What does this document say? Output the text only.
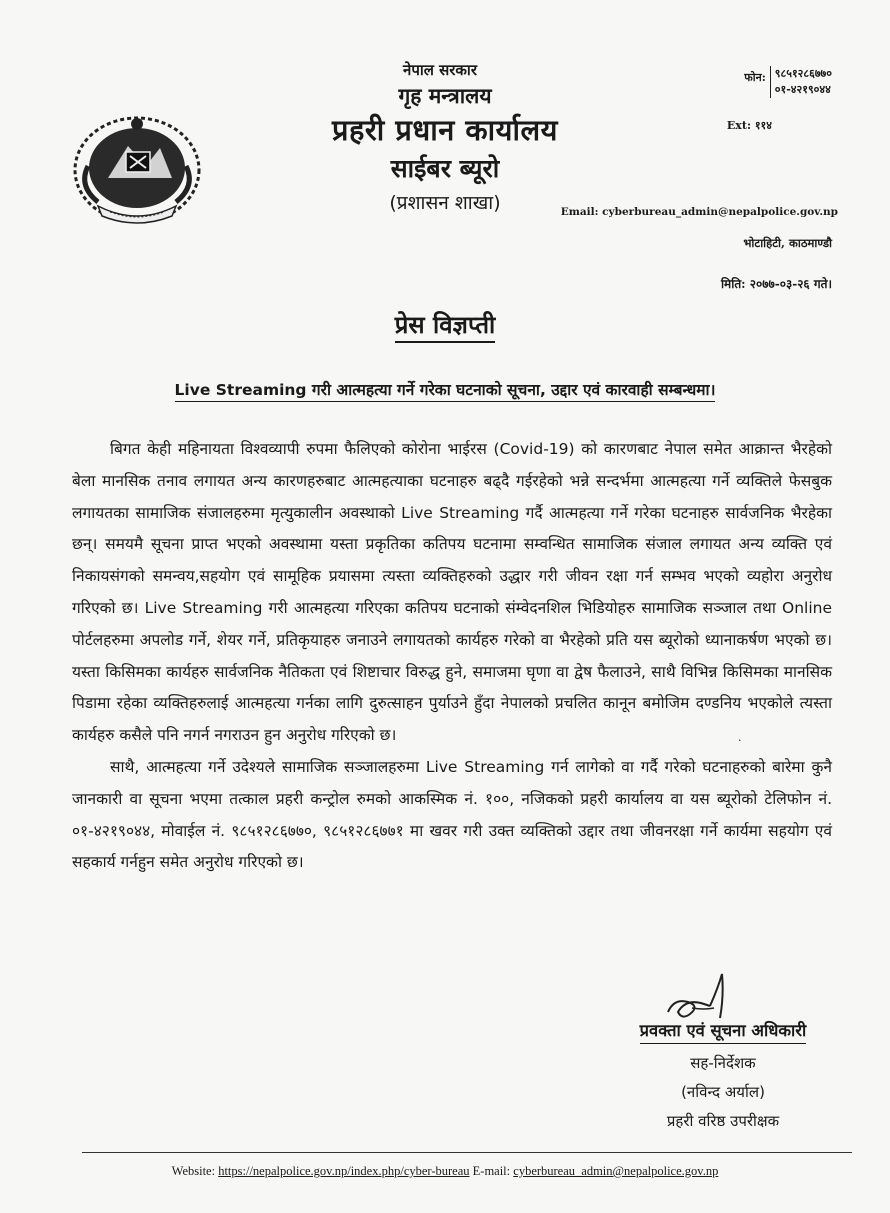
नेपाल सरकार
गृह मन्त्रालय
प्रहरी प्रधान कार्यालय
साईबर ब्यूरो
(प्रशासन शाखा)
फोन: ९८५१२८६७७०
०१-४२१९०४४
Ext: ११४
Email: cyberbureau_admin@nepalpolice.gov.np
भोटाहिटी, काठमाण्डौ
मिति: २०७७-०३-२६ गते।
प्रेस विज्ञप्ती
Live Streaming गरी आत्महत्या गर्ने गरेका घटनाको सूचना, उद्दार एवं कारवाही सम्बन्धमा।

बिगत केही महिनायता विश्वव्यापी रुपमा फैलिएको कोरोना भाईरस (Covid-19) को कारणबाट नेपाल समेत आक्रान्त भैरहेको बेला मानसिक तनाव लगायत अन्य कारणहरुबाट आत्महत्याका घटनाहरु बढ्दै गईरहेको भन्ने सन्दर्भमा आत्महत्या गर्ने व्यक्तिले फेसबुक लगायतका सामाजिक संजालहरुमा मृत्युकालीन अवस्थाको Live Streaming गर्दै आत्महत्या गर्ने गरेका घटनाहरु सार्वजनिक भैरहेका छन्। समयमै सूचना प्राप्त भएको अवस्थामा यस्ता प्रकृतिका कतिपय घटनामा सम्वन्धित सामाजिक संजाल लगायत अन्य व्यक्ति एवं निकायसंगको समन्वय,सहयोग एवं सामूहिक प्रयासमा त्यस्ता व्यक्तिहरुको उद्धार गरी जीवन रक्षा गर्न सम्भव भएको व्यहोरा अनुरोध गरिएको छ। Live Streaming गरी आत्महत्या गरिएका कतिपय घटनाको संम्वेदनशिल भिडियोहरु सामाजिक सञ्जाल तथा Online पोर्टलहरुमा अपलोड गर्ने, शेयर गर्ने, प्रतिकृयाहरु जनाउने लगायतको कार्यहरु गरेको वा भैरहेको प्रति यस ब्यूरोको ध्यानाकर्षण भएको छ। यस्ता किसिमका कार्यहरु सार्वजनिक नैतिकता एवं शिष्टाचार विरुद्ध हुने, समाजमा घृणा वा द्वेष फैलाउने, साथै विभिन्न किसिमका मानसिक पिडामा रहेका व्यक्तिहरुलाई आत्महत्या गर्नका लागि दुरुत्साहन पुर्याउने हुँदा नेपालको प्रचलित कानून बमोजिम दण्डनिय भएकोले त्यस्ता कार्यहरु कसैले पनि नगर्न नगराउन हुन अनुरोध गरिएको छ।

साथै, आत्महत्या गर्ने उदेश्यले सामाजिक सञ्जालहरुमा Live Streaming गर्न लागेको वा गर्दै गरेको घटनाहरुको बारेमा कुनै जानकारी वा सूचना भएमा तत्काल प्रहरी कन्ट्रोल रुमको आकस्मिक नं. १००, नजिकको प्रहरी कार्यालय वा यस ब्यूरोको टेलिफोन नं. ०१-४२१९०४४, मोवाईल नं. ९८५१२८६७७०, ९८५१२८६७७१ मा खवर गरी उक्त व्यक्तिको उद्दार तथा जीवनरक्षा गर्ने कार्यमा सहयोग एवं सहकार्य गर्नहुन समेत अनुरोध गरिएको छ।

·
प्रवक्ता एवं सूचना अधिकारी
सह-निर्देशक
(नविन्द अर्याल)
प्रहरी वरिष्ठ उपरीक्षक
Website: https://nepalpolice.gov.np/index.php/cyber-bureau E-mail: cyberbureau_admin@nepalpolice.gov.np
